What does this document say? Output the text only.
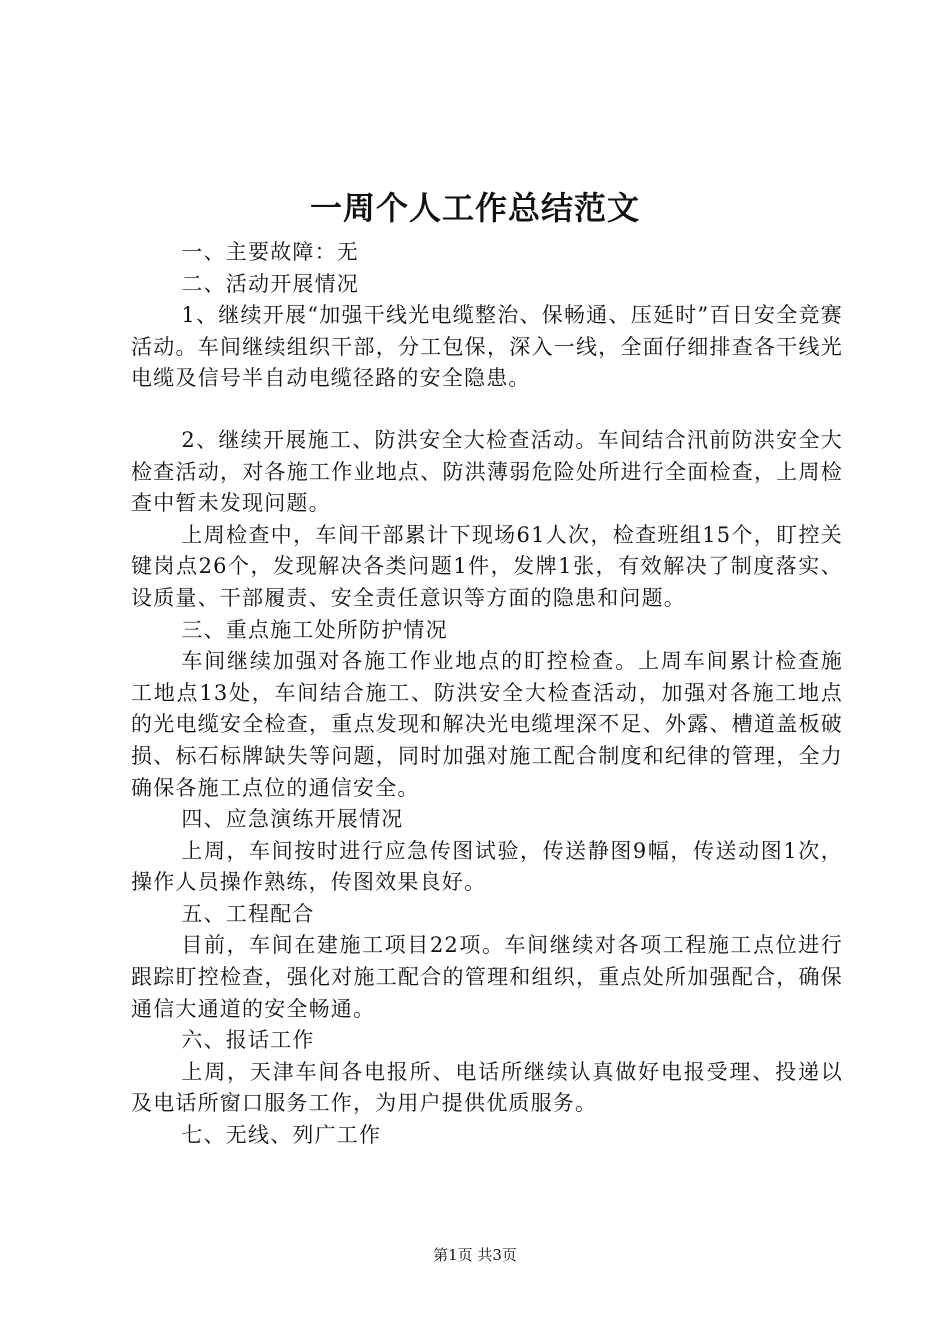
一周个人工作总结范文

一、主要故障：无

二、活动开展情况

1、继续开展“加强干线光电缆整治、保畅通、压延时”百日安全竞赛活动。车间继续组织干部，分工包保，深入一线，全面仔细排查各干线光电缆及信号半自动电缆径路的安全隐患。

2、继续开展施工、防洪安全大检查活动。车间结合汛前防洪安全大检查活动，对各施工作业地点、防洪薄弱危险处所进行全面检查，上周检查中暂未发现问题。

上周检查中，车间干部累计下现场61人次，检查班组15个，盯控关键岗点26个，发现解决各类问题1件，发牌1张，有效解决了制度落实、设质量、干部履责、安全责任意识等方面的隐患和问题。

三、重点施工处所防护情况

车间继续加强对各施工作业地点的盯控检查。上周车间累计检查施工地点13处，车间结合施工、防洪安全大检查活动，加强对各施工地点的光电缆安全检查，重点发现和解决光电缆埋深不足、外露、槽道盖板破损、标石标牌缺失等问题，同时加强对施工配合制度和纪律的管理，全力确保各施工点位的通信安全。

四、应急演练开展情况

上周，车间按时进行应急传图试验，传送静图9幅，传送动图1次，操作人员操作熟练，传图效果良好。

五、工程配合

目前，车间在建施工项目22项。车间继续对各项工程施工点位进行跟踪盯控检查，强化对施工配合的管理和组织，重点处所加强配合，确保通信大通道的安全畅通。

六、报话工作

上周，天津车间各电报所、电话所继续认真做好电报受理、投递以及电话所窗口服务工作，为用户提供优质服务。

七、无线、列广工作

第1页 共3页
